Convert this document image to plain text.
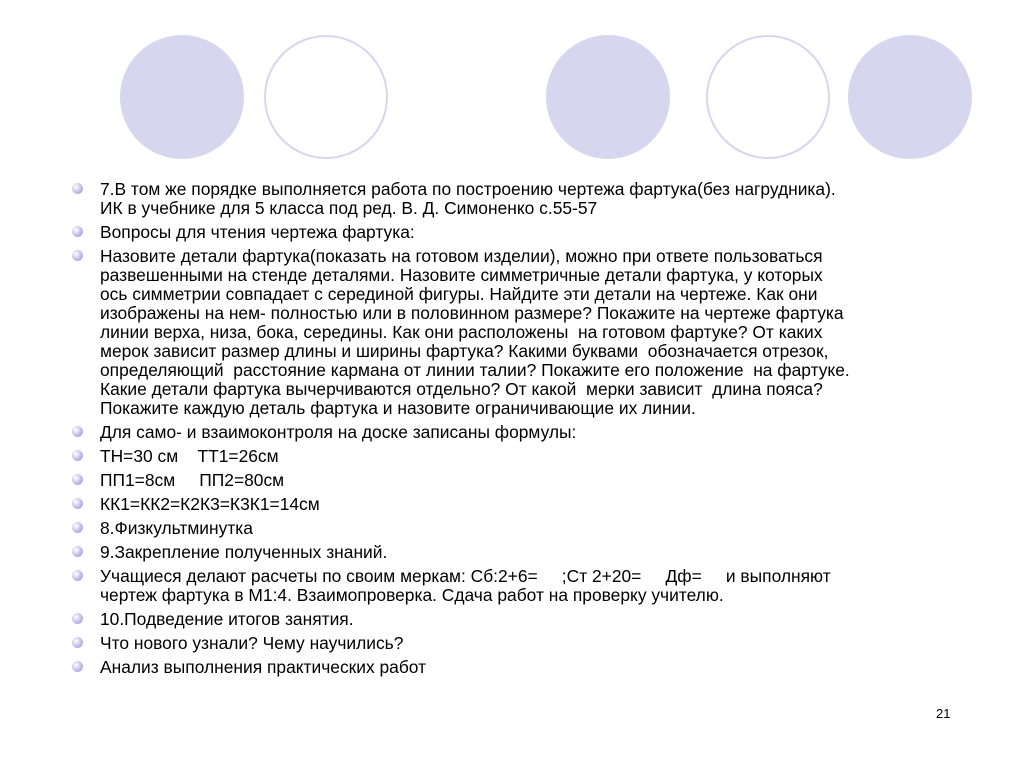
7.В том же порядке выполняется работа по построению чертежа фартука(без нагрудника).
ИК в учебнике для 5 класса под ред. В. Д. Симоненко с.55-57
Вопросы для чтения чертежа фартука:
Назовите детали фартука(показать на готовом изделии), можно при ответе пользоваться
развешенными на стенде деталями. Назовите симметричные детали фартука, у которых
ось симметрии совпадает с серединой фигуры. Найдите эти детали на чертеже. Как они
изображены на нем- полностью или в половинном размере? Покажите на чертеже фартука
линии верха, низа, бока, середины. Как они расположены  на готовом фартуке? От каких
мерок зависит размер длины и ширины фартука? Какими буквами  обозначается отрезок,
определяющий  расстояние кармана от линии талии? Покажите его положение  на фартуке.
Какие детали фартука вычерчиваются отдельно? От какой  мерки зависит  длина пояса?
Покажите каждую деталь фартука и назовите ограничивающие их линии.
Для само- и взаимоконтроля на доске записаны формулы:
ТН=30 см    ТТ1=26см
ПП1=8см     ПП2=80см
КК1=КК2=К2К3=К3К1=14см
8.Физкультминутка
9.Закрепление полученных знаний.
Учащиеся делают расчеты по своим меркам: Сб:2+6=     ;Ст 2+20=     Дф=     и выполняют
чертеж фартука в М1:4. Взаимопроверка. Сдача работ на проверку учителю.
10.Подведение итогов занятия.
Что нового узнали? Чему научились?
Анализ выполнения практических работ
21
